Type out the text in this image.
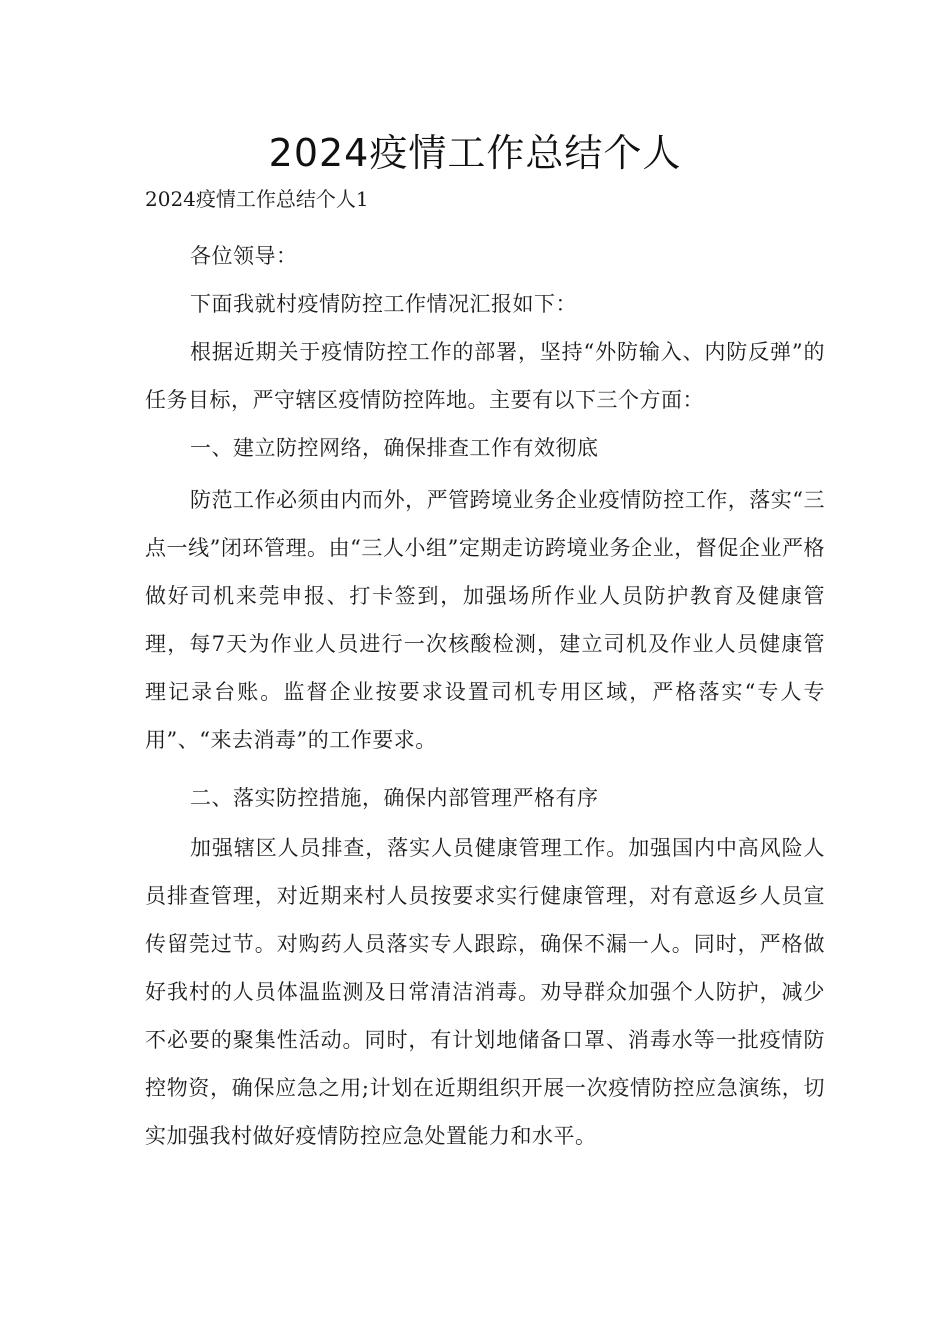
2024疫情工作总结个人
2024疫情工作总结个人1

各位领导：

下面我就村疫情防控工作情况汇报如下：

根据近期关于疫情防控工作的部署，坚持“外防输入、内防反弹”的任务目标，严守辖区疫情防控阵地。主要有以下三个方面：

一、建立防控网络，确保排查工作有效彻底

防范工作必须由内而外，严管跨境业务企业疫情防控工作，落实“三点一线”闭环管理。由“三人小组”定期走访跨境业务企业，督促企业严格做好司机来莞申报、打卡签到，加强场所作业人员防护教育及健康管理，每7天为作业人员进行一次核酸检测，建立司机及作业人员健康管理记录台账。监督企业按要求设置司机专用区域，严格落实“专人专用”、“来去消毒”的工作要求。

二、落实防控措施，确保内部管理严格有序

加强辖区人员排查，落实人员健康管理工作。加强国内中高风险人员排查管理，对近期来村人员按要求实行健康管理，对有意返乡人员宣传留莞过节。对购药人员落实专人跟踪，确保不漏一人。同时，严格做好我村的人员体温监测及日常清洁消毒。劝导群众加强个人防护，减少不必要的聚集性活动。同时，有计划地储备口罩、消毒水等一批疫情防控物资，确保应急之用;计划在近期组织开展一次疫情防控应急演练，切实加强我村做好疫情防控应急处置能力和水平。
